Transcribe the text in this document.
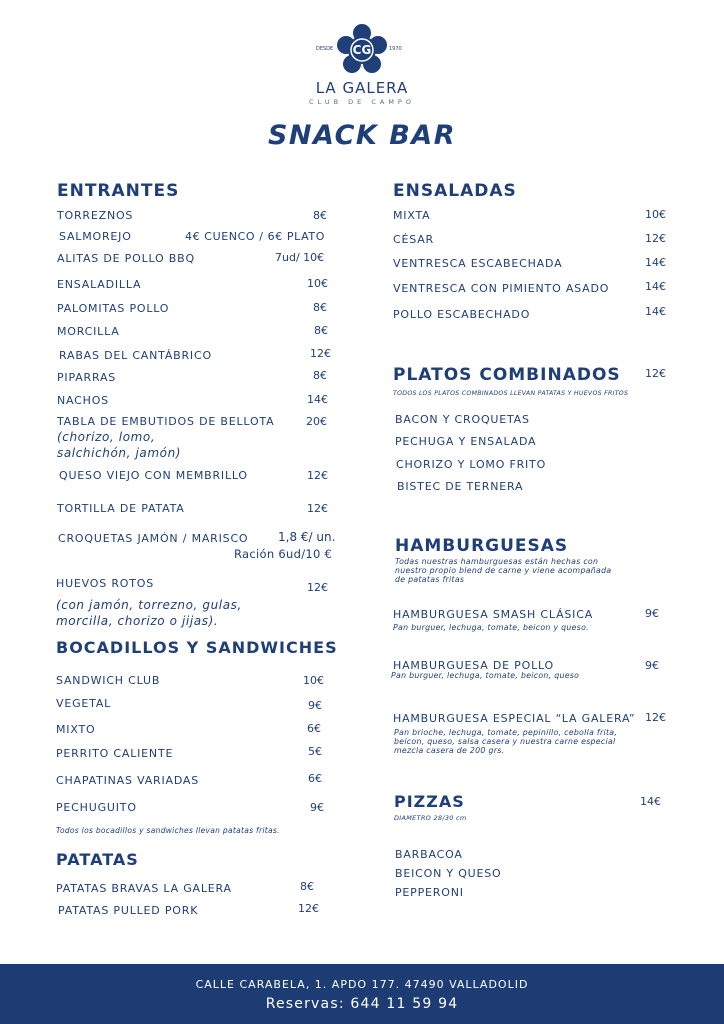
CG
DESDE	1970
LA GALERA
CLUB DE CAMPO
SNACK BAR
ENTRANTES
TORREZNOS	8€
SALMOREJO	4€ CUENCO / 6€ PLATO
ALITAS DE POLLO BBQ	7ud/ 10€
ENSALADILLA	10€
PALOMITAS POLLO	8€
MORCILLA	8€
RABAS DEL CANTÁBRICO	12€
PIPARRAS	8€
NACHOS	14€
TABLA DE EMBUTIDOS DE BELLOTA	20€
(chorizo, lomo, salchichón, jamón)
QUESO VIEJO CON MEMBRILLO	12€
TORTILLA DE PATATA	12€
CROQUETAS JAMÓN / MARISCO 1,8 €/ un.
Ración 6ud/10 €
HUEVOS ROTOS	12€
(con jamón, torrezno, gulas, morcilla, chorizo o jijas).
BOCADILLOS Y SANDWICHES
SANDWICH CLUB	10€
VEGETAL	9€
MIXTO	6€
PERRITO CALIENTE	5€
CHAPATINAS VARIADAS	6€
PECHUGUITO	9€
Todos los bocadillos y sandwiches llevan patatas fritas.
PATATAS
PATATAS BRAVAS LA GALERA	8€
PATATAS PULLED PORK	12€
ENSALADAS
MIXTA	10€
CÉSAR	12€
VENTRESCA ESCABECHADA	14€
VENTRESCA CON PIMIENTO ASADO	14€
POLLO ESCABECHADO	14€
PLATOS COMBINADOS 12€
TODOS LOS PLATOS COMBINADOS LLEVAN PATATAS Y HUEVOS FRITOS
BACON Y CROQUETAS
PECHUGA Y ENSALADA
CHORIZO Y LOMO FRITO
BISTEC DE TERNERA
HAMBURGUESAS
Todas nuestras hamburguesas están hechas con nuestro propio blend de carne y viene acompañada de patatas fritas
HAMBURGUESA SMASH CLÁSICA	9€
Pan burguer, lechuga, tomate, beicon y queso.
HAMBURGUESA DE POLLO	9€
Pan burguer, lechuga, tomate, beicon, queso
HAMBURGUESA ESPECIAL “LA GALERA” 12€
Pan brioche, lechuga, tomate, pepinillo, cebolla frita, beicon, queso, salsa casera y nuestra carne especial mezcla casera de 200 grs.
PIZZAS	14€
DIAMETRO 28/30 cm
BARBACOA
BEICON Y QUESO
PEPPERONI
CALLE CARABELA, 1. APDO 177. 47490 VALLADOLID
Reservas: 644 11 59 94
